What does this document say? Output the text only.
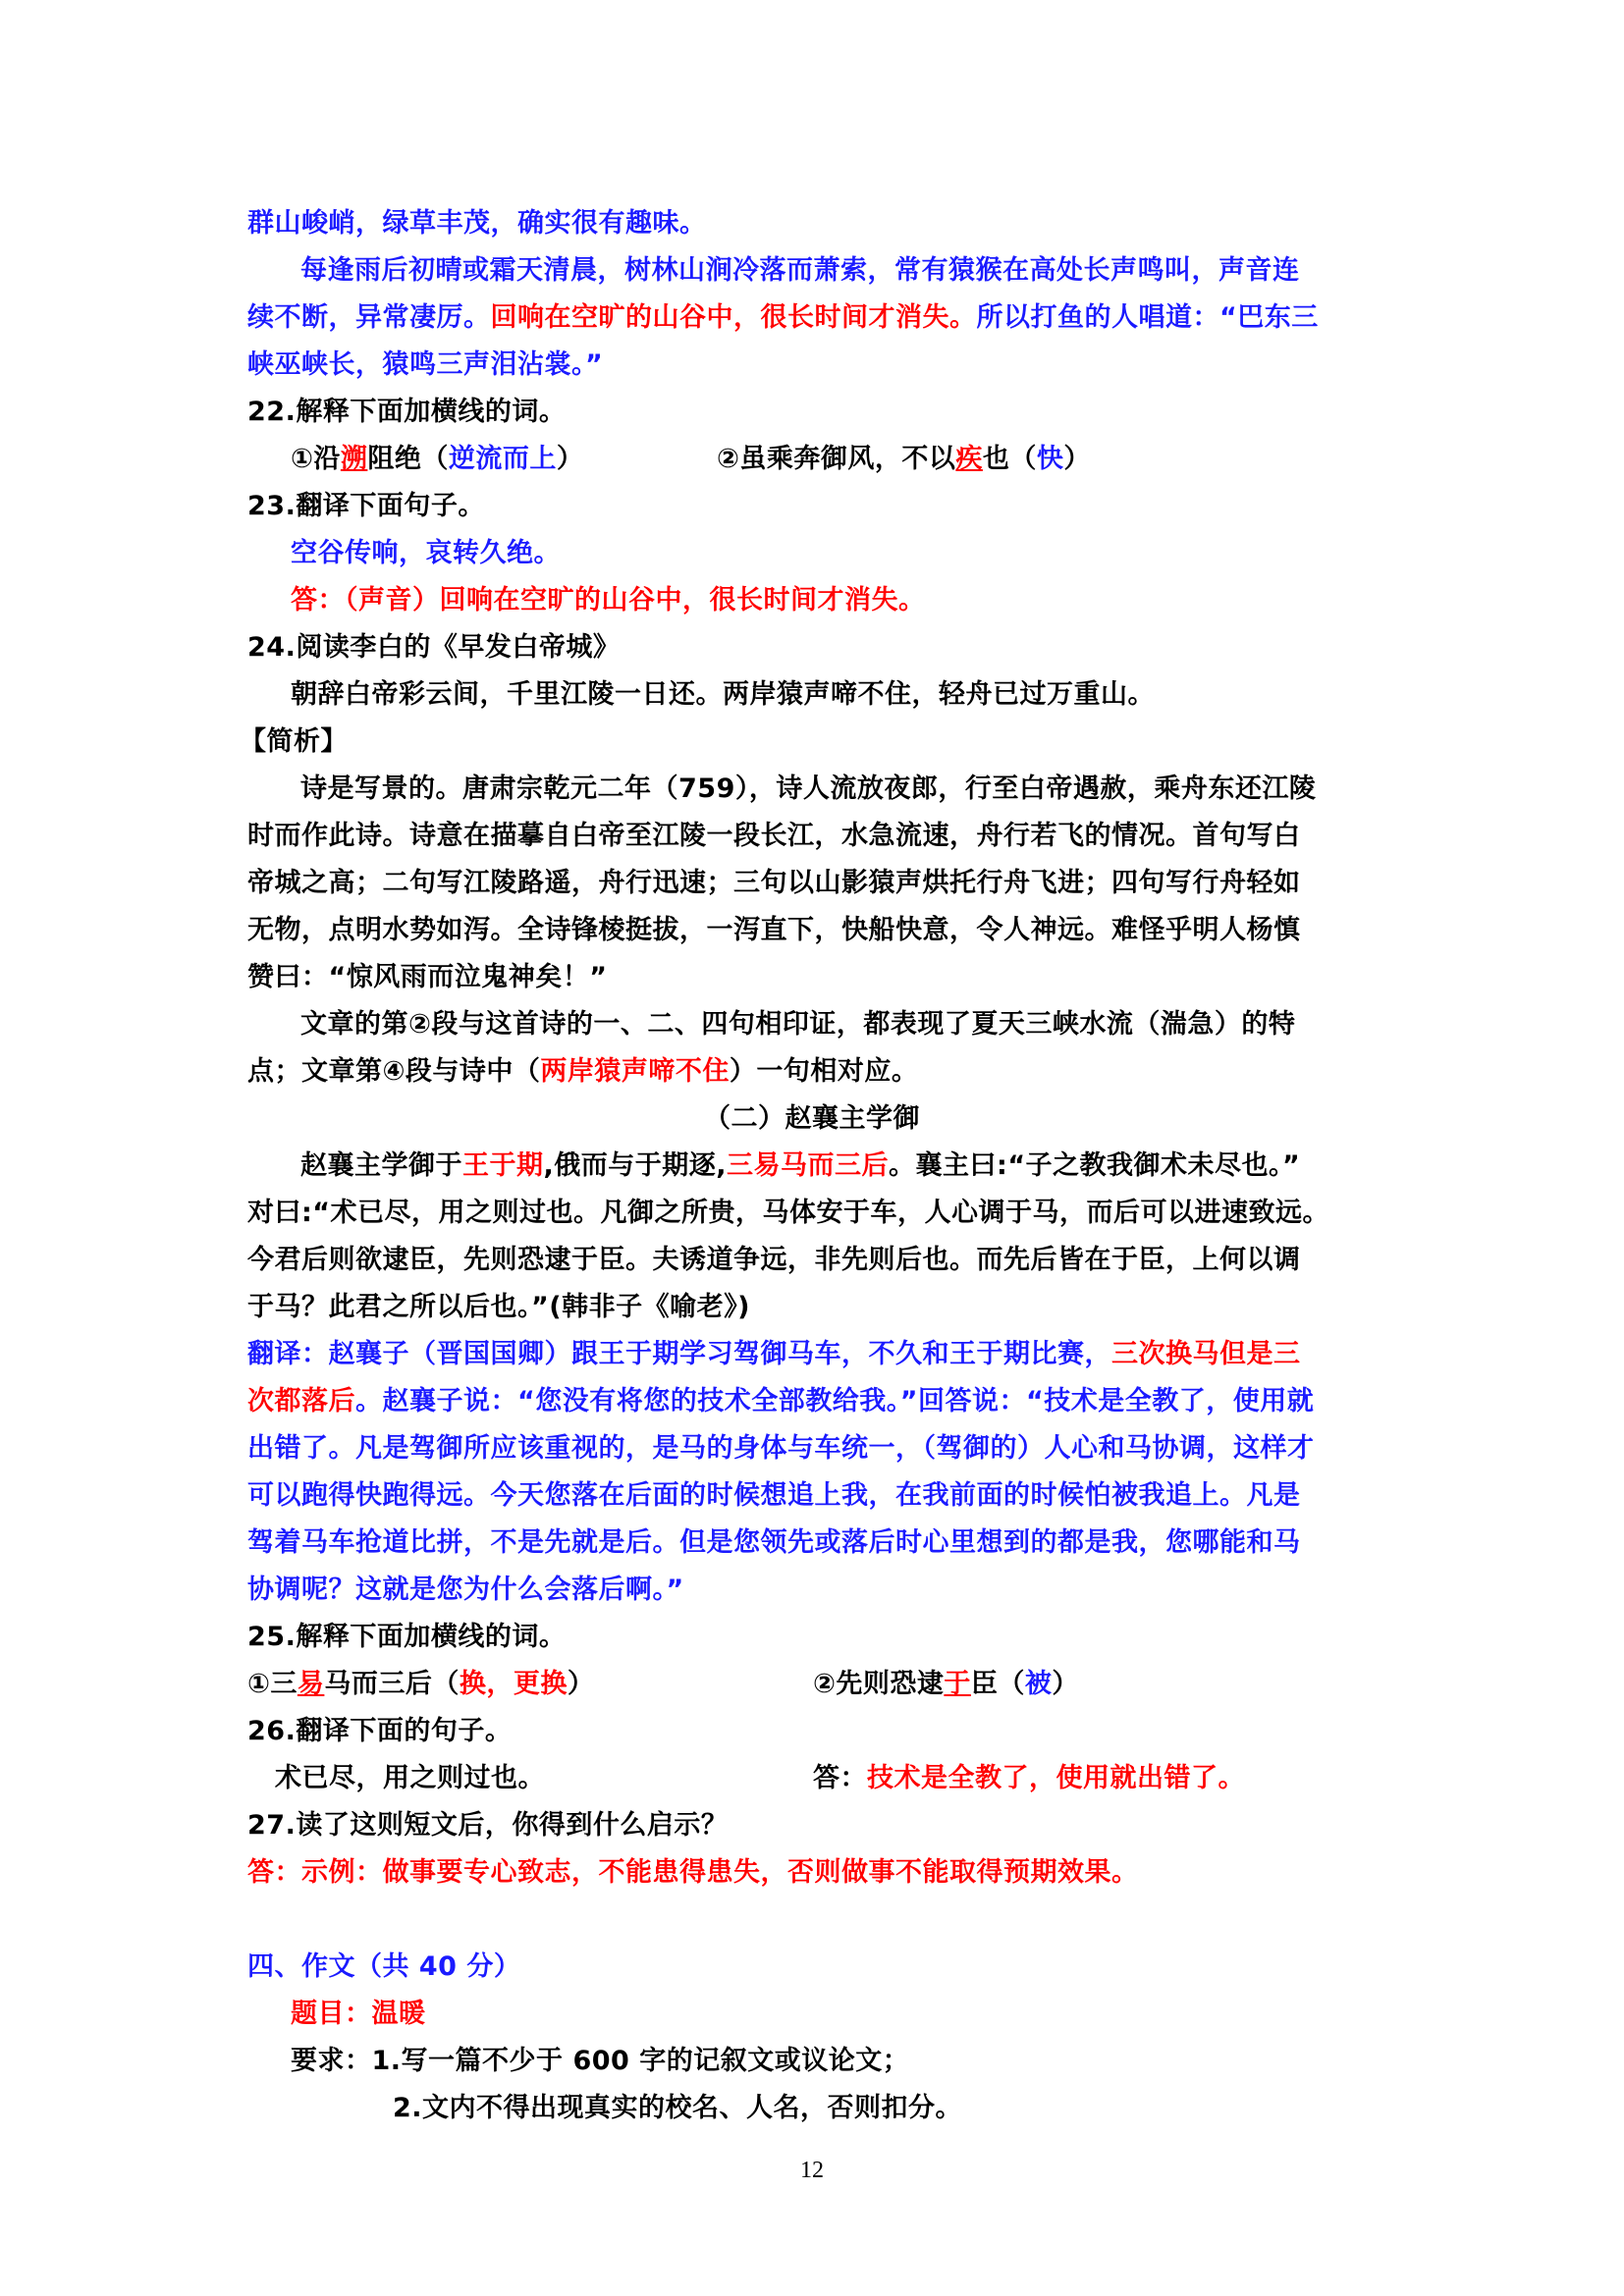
群山峻峭，绿草丰茂，确实很有趣味。
每逢雨后初晴或霜天清晨，树林山涧冷落而萧索，常有猿猴在高处长声鸣叫，声音连
续不断，异常凄厉。回响在空旷的山谷中，很长时间才消失。所以打鱼的人唱道：“巴东三
峡巫峡长，猿鸣三声泪沾裳。”
22.解释下面加横线的词。
①沿溯阻绝（逆流而上）	②虽乘奔御风，不以疾也（快）
23.翻译下面句子。
空谷传响，哀转久绝。
答：（声音）回响在空旷的山谷中，很长时间才消失。
24.阅读李白的《早发白帝城》
朝辞白帝彩云间，千里江陵一日还。两岸猿声啼不住，轻舟已过万重山。
【简析】
诗是写景的。唐肃宗乾元二年（759），诗人流放夜郎，行至白帝遇赦，乘舟东还江陵
时而作此诗。诗意在描摹自白帝至江陵一段长江，水急流速，舟行若飞的情况。首句写白
帝城之高；二句写江陵路遥，舟行迅速；三句以山影猿声烘托行舟飞进；四句写行舟轻如
无物，点明水势如泻。全诗锋棱挺拔，一泻直下，快船快意，令人神远。难怪乎明人杨慎
赞曰：“惊风雨而泣鬼神矣！”
文章的第②段与这首诗的一、二、四句相印证，都表现了夏天三峡水流（湍急）的特
点；文章第④段与诗中（两岸猿声啼不住）一句相对应。
（二）赵襄主学御
赵襄主学御于王于期,俄而与于期逐,三易马而三后。襄主曰:“子之教我御术未尽也。”
对曰:“术已尽，用之则过也。凡御之所贵，马体安于车，人心调于马，而后可以进速致远。
今君后则欲逮臣，先则恐逮于臣。夫诱道争远，非先则后也。而先后皆在于臣，上何以调
于马？此君之所以后也。”(韩非子《喻老》)
翻译：赵襄子（晋国国卿）跟王于期学习驾御马车，不久和王于期比赛，三次换马但是三
次都落后。赵襄子说：“您没有将您的技术全部教给我。”回答说：“技术是全教了，使用就
出错了。凡是驾御所应该重视的，是马的身体与车统一，（驾御的）人心和马协调，这样才
可以跑得快跑得远。今天您落在后面的时候想追上我，在我前面的时候怕被我追上。凡是
驾着马车抢道比拼，不是先就是后。但是您领先或落后时心里想到的都是我，您哪能和马
协调呢？这就是您为什么会落后啊。”
25.解释下面加横线的词。
①三易马而三后（换，更换）	②先则恐逮于臣（被）
26.翻译下面的句子。
术已尽，用之则过也。	答：技术是全教了，使用就出错了。
27.读了这则短文后，你得到什么启示？
答：示例：做事要专心致志，不能患得患失，否则做事不能取得预期效果。
四、作文（共 40 分）
题目：温暖
要求：1.写一篇不少于 600 字的记叙文或议论文；
2.文内不得出现真实的校名、人名，否则扣分。
12
